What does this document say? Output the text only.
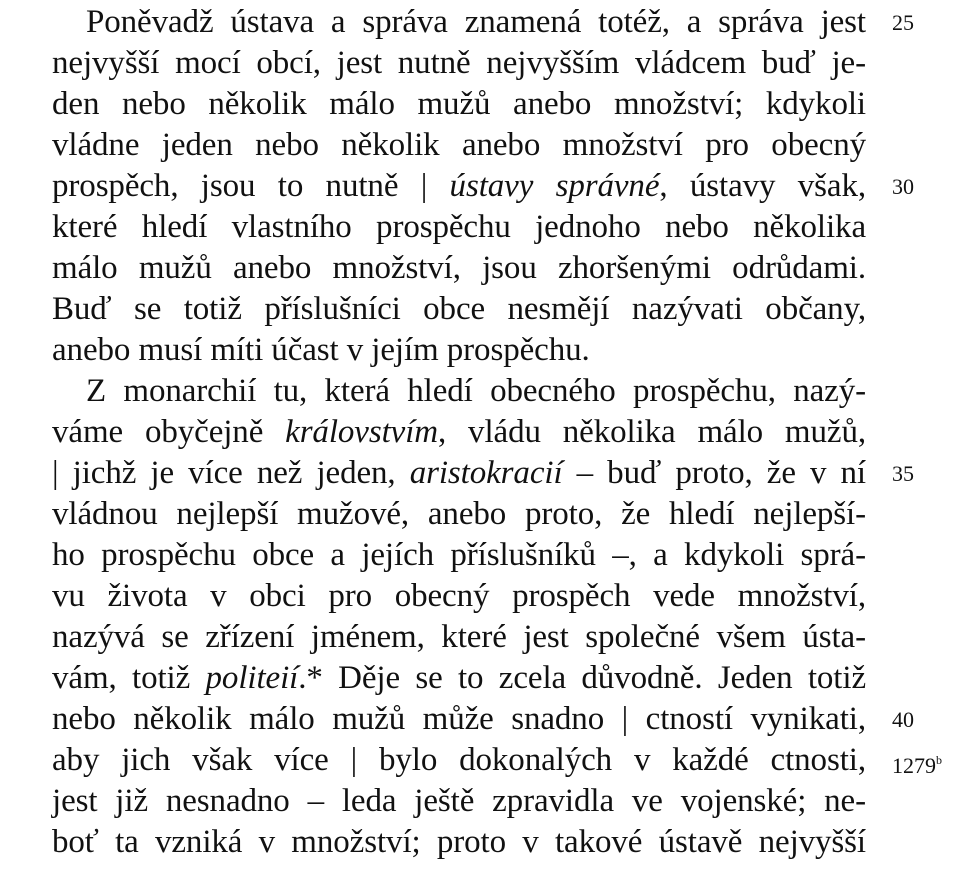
Poněvadž ústava a správa znamená totéž, a správa jest
nejvyšší mocí obcí, jest nutně nejvyšším vládcem buď je-
den nebo několik málo mužů anebo množství; kdykoli
vládne jeden nebo několik anebo množství pro obecný
prospěch, jsou to nutně | ústavy správné, ústavy však,
které hledí vlastního prospěchu jednoho nebo několika
málo mužů anebo množství, jsou zhoršenými odrůdami.
Buď se totiž příslušníci obce nesmějí nazývati občany,
anebo musí míti účast v jejím prospěchu.
Z monarchií tu, která hledí obecného prospěchu, nazý-
váme obyčejně královstvím, vládu několika málo mužů,
| jichž je více než jeden, aristokracií – buď proto, že v ní
vládnou nejlepší mužové, anebo proto, že hledí nejlepší-
ho prospěchu obce a jejích příslušníků –, a kdykoli sprá-
vu života v obci pro obecný prospěch vede množství,
nazývá se zřízení jménem, které jest společné všem ústa-
vám, totiž politeií.* Děje se to zcela důvodně. Jeden totiž
nebo několik málo mužů může snadno | ctností vynikati,
aby jich však více | bylo dokonalých v každé ctnosti,
jest již nesnadno – leda ještě zpravidla ve vojenské; ne-
boť ta vzniká v množství; proto v takové ústavě nejvyšší
25
30
35
40
1279$^b$
